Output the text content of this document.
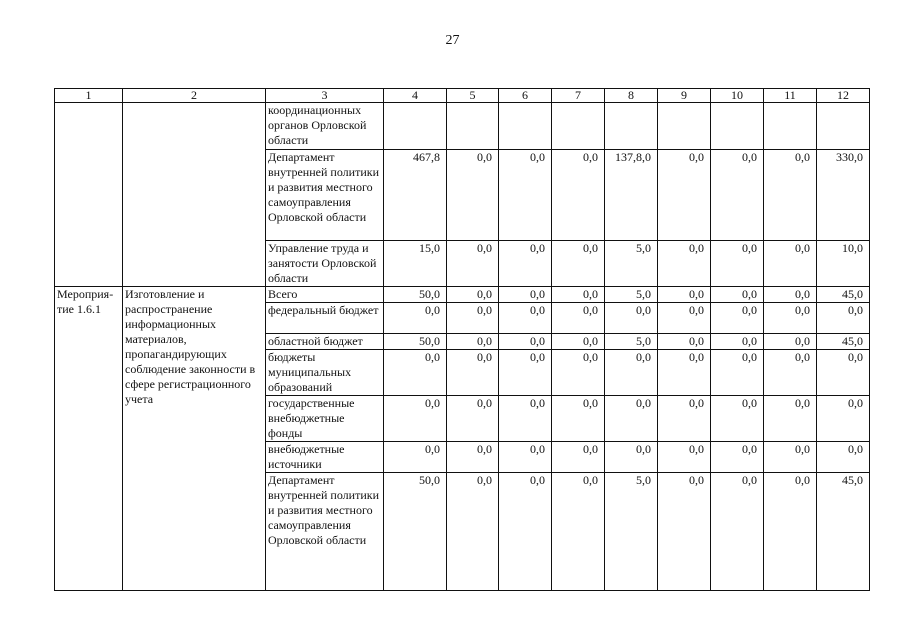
27
1	2	3	4	5	6	7	8	9	10	11	12
		координационных органов Орловской области									
		Департамент внутренней политики и развития местного самоуправления Орловской области	467,8	0,0	0,0	0,0	137,8,0	0,0	0,0	0,0	330,0
		Управление труда и занятости Орловской области	15,0	0,0	0,0	0,0	5,0	0,0	0,0	0,0	10,0
Мероприя-тие 1.6.1	Изготовление и распространение информационных материалов, пропагандирующих соблюдение законности в сфере регистрационного учета	Всего	50,0	0,0	0,0	0,0	5,0	0,0	0,0	0,0	45,0
		федеральный бюджет	0,0	0,0	0,0	0,0	0,0	0,0	0,0	0,0	0,0
		областной бюджет	50,0	0,0	0,0	0,0	5,0	0,0	0,0	0,0	45,0
		бюджеты муниципальных образований	0,0	0,0	0,0	0,0	0,0	0,0	0,0	0,0	0,0
		государственные внебюджетные фонды	0,0	0,0	0,0	0,0	0,0	0,0	0,0	0,0	0,0
		внебюджетные источники	0,0	0,0	0,0	0,0	0,0	0,0	0,0	0,0	0,0
		Департамент внутренней политики и развития местного самоуправления Орловской области	50,0	0,0	0,0	0,0	5,0	0,0	0,0	0,0	45,0
